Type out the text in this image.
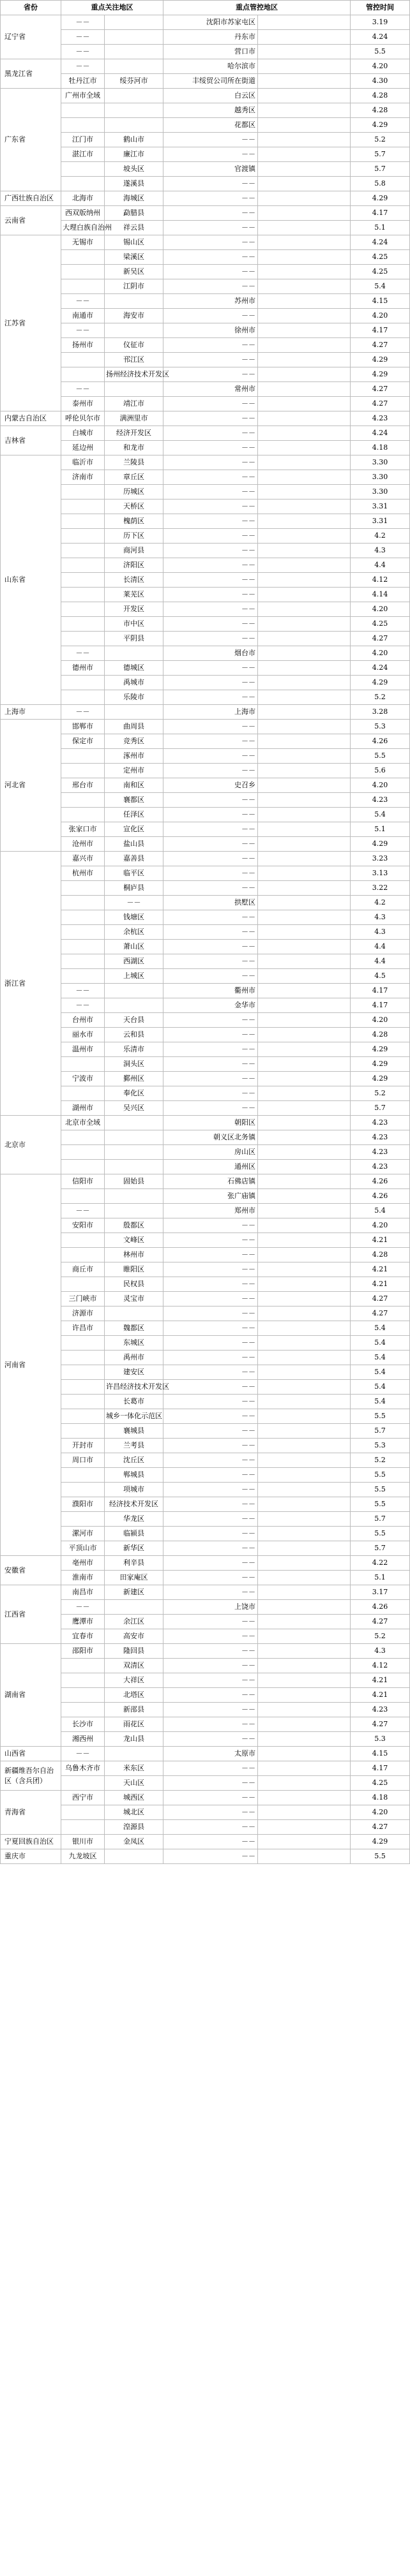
省份	重点关注地区		重点管控地区		管控时间
辽宁省	－－		沈阳市苏家屯区		3.19
	－－		丹东市		4.24
	－－		营口市		5.5
黑龙江省	－－		哈尔滨市		4.20
	牡丹江市	绥芬河市	丰绥贸公司所在街道		4.30
广东省	广州市全域		白云区		4.28
			越秀区		4.28
			花都区		4.29
	江门市	鹤山市	－－		5.2
	湛江市	廉江市	－－		5.7
		坡头区	官渡镇		5.7
		遂溪县	－－		5.8
广西壮族自治区	北海市	海城区	－－		4.29
云南省	西双版纳州	勐腊县	－－		4.17
	大理白族自治州	祥云县	－－		5.1
江苏省	无锡市	锡山区	－－		4.24
		梁溪区	－－		4.25
		新吴区	－－		4.25
		江阴市	－－		5.4
	－－		苏州市		4.15
	南通市	海安市	－－		4.20
	－－		徐州市		4.17
	扬州市	仪征市	－－		4.27
		邗江区	－－		4.29
		扬州经济技术开发区	－－		4.29
	－－		常州市		4.27
	泰州市	靖江市	－－		4.27
内蒙古自治区	呼伦贝尔市	满洲里市	－－		4.23
吉林省	白城市	经济开发区	－－		4.24
	延边州	和龙市	－－		4.18
山东省	临沂市	兰陵县	－－		3.30
	济南市	章丘区	－－		3.30
		历城区	－－		3.30
		天桥区	－－		3.31
		槐荫区	－－		3.31
		历下区	－－		4.2
		商河县	－－		4.3
		济阳区	－－		4.4
		长清区	－－		4.12
		莱芜区	－－		4.14
		开发区	－－		4.20
		市中区	－－		4.25
		平阴县	－－		4.27
	－－		烟台市		4.20
	德州市	德城区	－－		4.24
		禹城市	－－		4.29
		乐陵市	－－		5.2
上海市	－－		上海市		3.28
河北省	邯郸市	曲周县	－－		5.3
	保定市	竞秀区	－－		4.26
		涿州市	－－		5.5
		定州市	－－		5.6
	邢台市	南和区	史召乡		4.20
		襄都区	－－		4.23
		任泽区	－－		5.4
	张家口市	宣化区	－－		5.1
	沧州市	盐山县	－－		4.29
浙江省	嘉兴市	嘉善县	－－		3.23
	杭州市	临平区	－－		3.13
		桐庐县	－－		3.22
		－－	拱墅区		4.2
		钱塘区	－－		4.3
		余杭区	－－		4.3
		萧山区	－－		4.4
		西湖区	－－		4.4
		上城区	－－		4.5
	－－		衢州市		4.17
	－－		金华市		4.17
	台州市	天台县	－－		4.20
	丽水市	云和县	－－		4.28
	温州市	乐清市	－－		4.29
		洞头区	－－		4.29
	宁波市	鄞州区	－－		4.29
		奉化区	－－		5.2
	湖州市	吴兴区	－－		5.7
北京市	北京市全域		朝阳区		4.23
			朝义区北务镇		4.23
			房山区		4.23
			通州区		4.23
河南省	信阳市	固始县	石佛店镇		4.26
			张广庙镇		4.26
	－－		郑州市		5.4
	安阳市	殷都区	－－		4.20
		文峰区	－－		4.21
		林州市	－－		4.28
	商丘市	睢阳区	－－		4.21
		民权县	－－		4.21
	三门峡市	灵宝市	－－		4.27
	济源市		－－		4.27
	许昌市	魏都区	－－		5.4
		东城区	－－		5.4
		禹州市	－－		5.4
		建安区	－－		5.4
		许昌经济技术开发区	－－		5.4
		长葛市	－－		5.4
		城乡一体化示范区	－－		5.5
		襄城县	－－		5.7
	开封市	兰考县	－－		5.3
	周口市	沈丘区	－－		5.2
		郸城县	－－		5.5
		项城市	－－		5.5
	濮阳市	经济技术开发区	－－		5.5
		华龙区	－－		5.7
	漯河市	临颍县	－－		5.5
	平顶山市	新华区	－－		5.7
安徽省	亳州市	利辛县	－－		4.22
	淮南市	田家庵区	－－		5.1
江西省	南昌市	新建区	－－		3.17
	－－		上饶市		4.26
	鹰潭市	余江区	－－		4.27
	宜春市	高安市	－－		5.2
湖南省	邵阳市	隆回县	－－		4.3
		双清区	－－		4.12
		大祥区	－－		4.21
		北塔区	－－		4.21
		新邵县	－－		4.23
	长沙市	雨花区	－－		4.27
	湘西州	龙山县	－－		5.3
山西省	－－		太原市		4.15
新疆维吾尔自治区（含兵团）	乌鲁木齐市	米东区	－－		4.17
		天山区	－－		4.25
青海省	西宁市	城西区	－－		4.18
		城北区	－－		4.20
		湟源县	－－		4.27
宁夏回族自治区	银川市	金凤区	－－		4.29
重庆市	九龙坡区		－－		5.5
